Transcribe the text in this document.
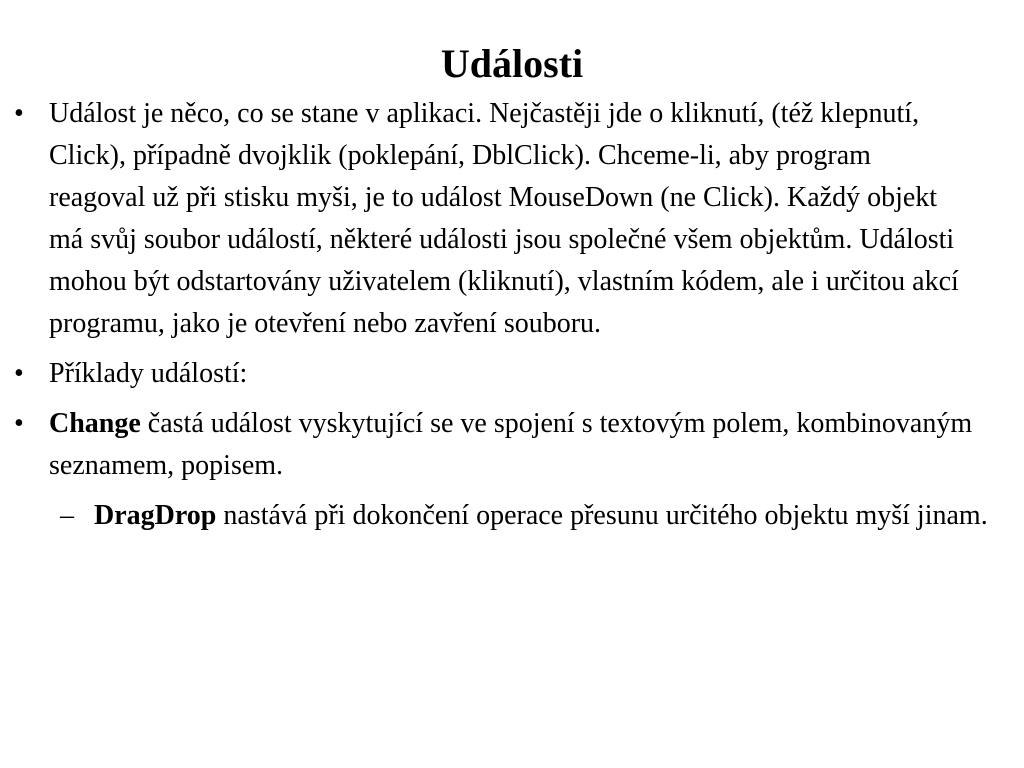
Události
• Událost je něco, co se stane v aplikaci. Nejčastěji jde o kliknutí, (též klepnutí, Click), případně dvojklik (poklepání, DblClick). Chceme-li, aby program reagoval už při stisku myši, je to událost MouseDown (ne Click). Každý objekt má svůj soubor událostí, některé události jsou společné všem objektům. Události mohou být odstartovány uživatelem (kliknutí), vlastním kódem, ale i určitou akcí programu, jako je otevření nebo zavření souboru.
• Příklady událostí:
• Change častá událost vyskytující se ve spojení s textovým polem, kombinovaným seznamem, popisem.
– DragDrop nastává při dokončení operace přesunu určitého objektu myší jinam.
